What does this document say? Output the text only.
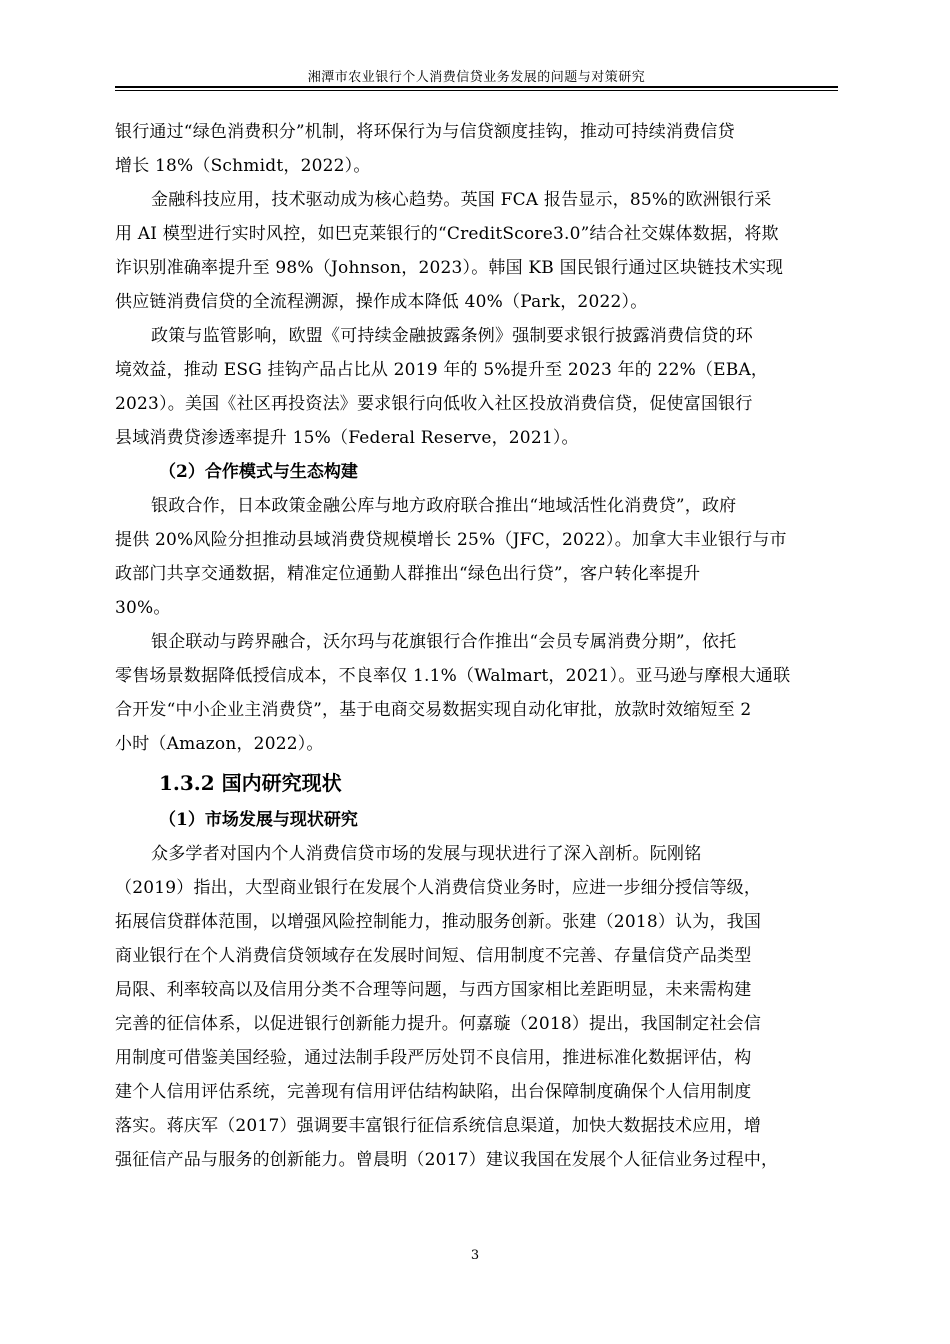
湘潭市农业银行个人消费信贷业务发展的问题与对策研究
银行通过“绿色消费积分”机制，将环保行为与信贷额度挂钩，推动可持续消费信贷
增长 18%（Schmidt，2022）。
金融科技应用，技术驱动成为核心趋势。英国 FCA 报告显示，85%的欧洲银行采
用 AI 模型进行实时风控，如巴克莱银行的“CreditScore3.0”结合社交媒体数据，将欺
诈识别准确率提升至 98%（Johnson，2023）。韩国 KB 国民银行通过区块链技术实现
供应链消费信贷的全流程溯源，操作成本降低 40%（Park，2022）。
政策与监管影响，欧盟《可持续金融披露条例》强制要求银行披露消费信贷的环
境效益，推动 ESG 挂钩产品占比从 2019 年的 5%提升至 2023 年的 22%（EBA，
2023）。美国《社区再投资法》要求银行向低收入社区投放消费信贷，促使富国银行
县域消费贷渗透率提升 15%（Federal Reserve，2021）。
（2）合作模式与生态构建
银政合作，日本政策金融公库与地方政府联合推出“地域活性化消费贷”，政府
提供 20%风险分担推动县域消费贷规模增长 25%（JFC，2022）。加拿大丰业银行与市
政部门共享交通数据，精准定位通勤人群推出“绿色出行贷”，客户转化率提升
30%。
银企联动与跨界融合，沃尔玛与花旗银行合作推出“会员专属消费分期”，依托
零售场景数据降低授信成本，不良率仅 1.1%（Walmart，2021）。亚马逊与摩根大通联
合开发“中小企业主消费贷”，基于电商交易数据实现自动化审批，放款时效缩短至 2
小时（Amazon，2022）。
1.3.2 国内研究现状
（1）市场发展与现状研究
众多学者对国内个人消费信贷市场的发展与现状进行了深入剖析。阮刚铭
（2019）指出，大型商业银行在发展个人消费信贷业务时，应进一步细分授信等级，
拓展信贷群体范围，以增强风险控制能力，推动服务创新。张建（2018）认为，我国
商业银行在个人消费信贷领域存在发展时间短、信用制度不完善、存量信贷产品类型
局限、利率较高以及信用分类不合理等问题，与西方国家相比差距明显，未来需构建
完善的征信体系，以促进银行创新能力提升。何嘉璇（2018）提出，我国制定社会信
用制度可借鉴美国经验，通过法制手段严厉处罚不良信用，推进标准化数据评估，构
建个人信用评估系统，完善现有信用评估结构缺陷，出台保障制度确保个人信用制度
落实。蒋庆军（2017）强调要丰富银行征信系统信息渠道，加快大数据技术应用，增
强征信产品与服务的创新能力。曾晨明（2017）建议我国在发展个人征信业务过程中，
3
